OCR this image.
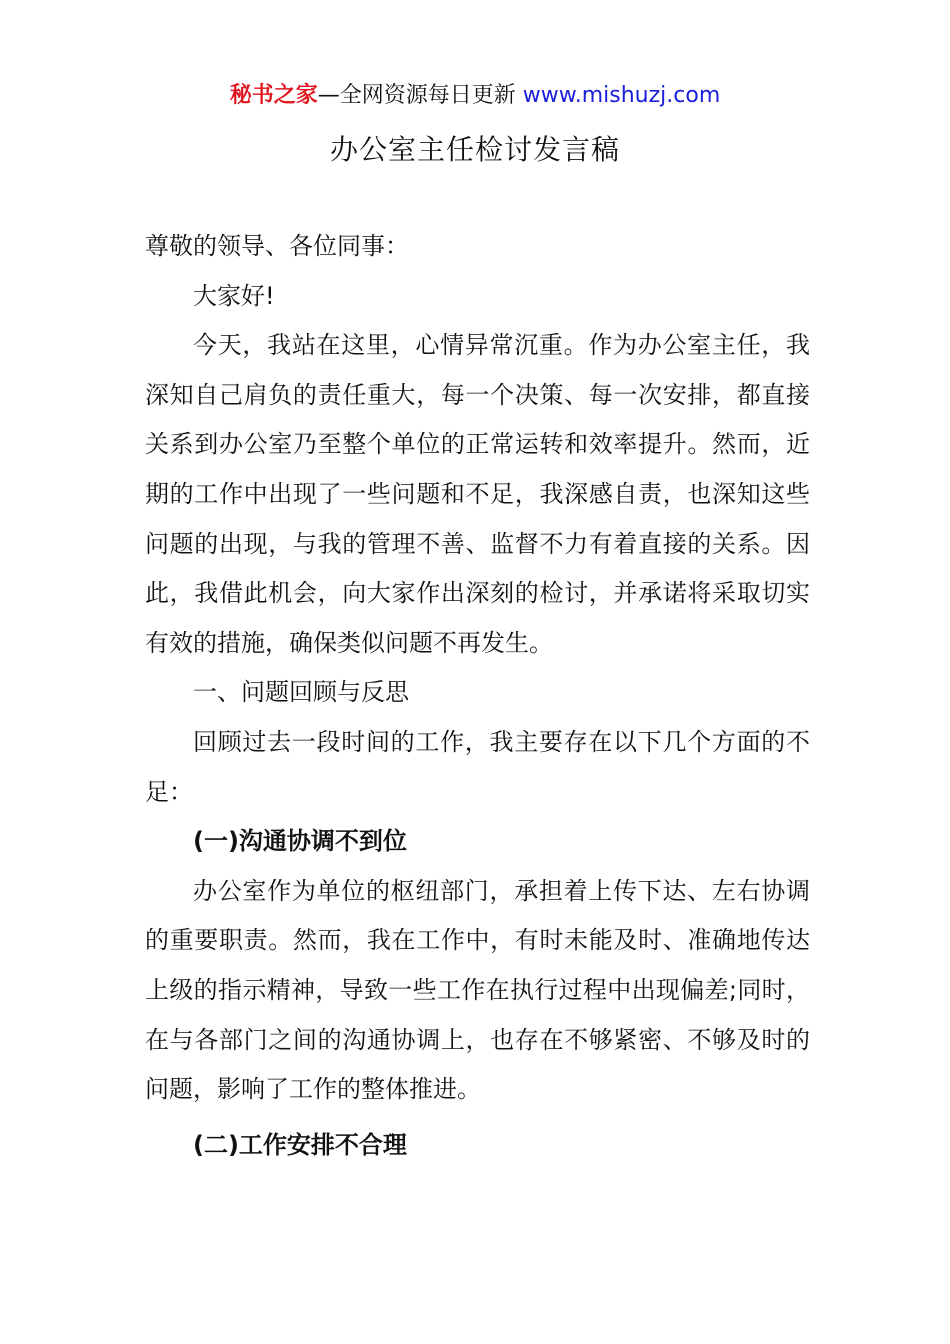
秘书之家—全网资源每日更新 www.mishuzj.com
办公室主任检讨发言稿

尊敬的领导、各位同事：

大家好!

今天，我站在这里，心情异常沉重。作为办公室主任，我深知自己肩负的责任重大，每一个决策、每一次安排，都直接关系到办公室乃至整个单位的正常运转和效率提升。然而，近期的工作中出现了一些问题和不足，我深感自责，也深知这些问题的出现，与我的管理不善、监督不力有着直接的关系。因此，我借此机会，向大家作出深刻的检讨，并承诺将采取切实有效的措施，确保类似问题不再发生。

一、问题回顾与反思

回顾过去一段时间的工作，我主要存在以下几个方面的不足：

(一)沟通协调不到位

办公室作为单位的枢纽部门，承担着上传下达、左右协调的重要职责。然而，我在工作中，有时未能及时、准确地传达上级的指示精神，导致一些工作在执行过程中出现偏差;同时，在与各部门之间的沟通协调上，也存在不够紧密、不够及时的问题，影响了工作的整体推进。

(二)工作安排不合理
